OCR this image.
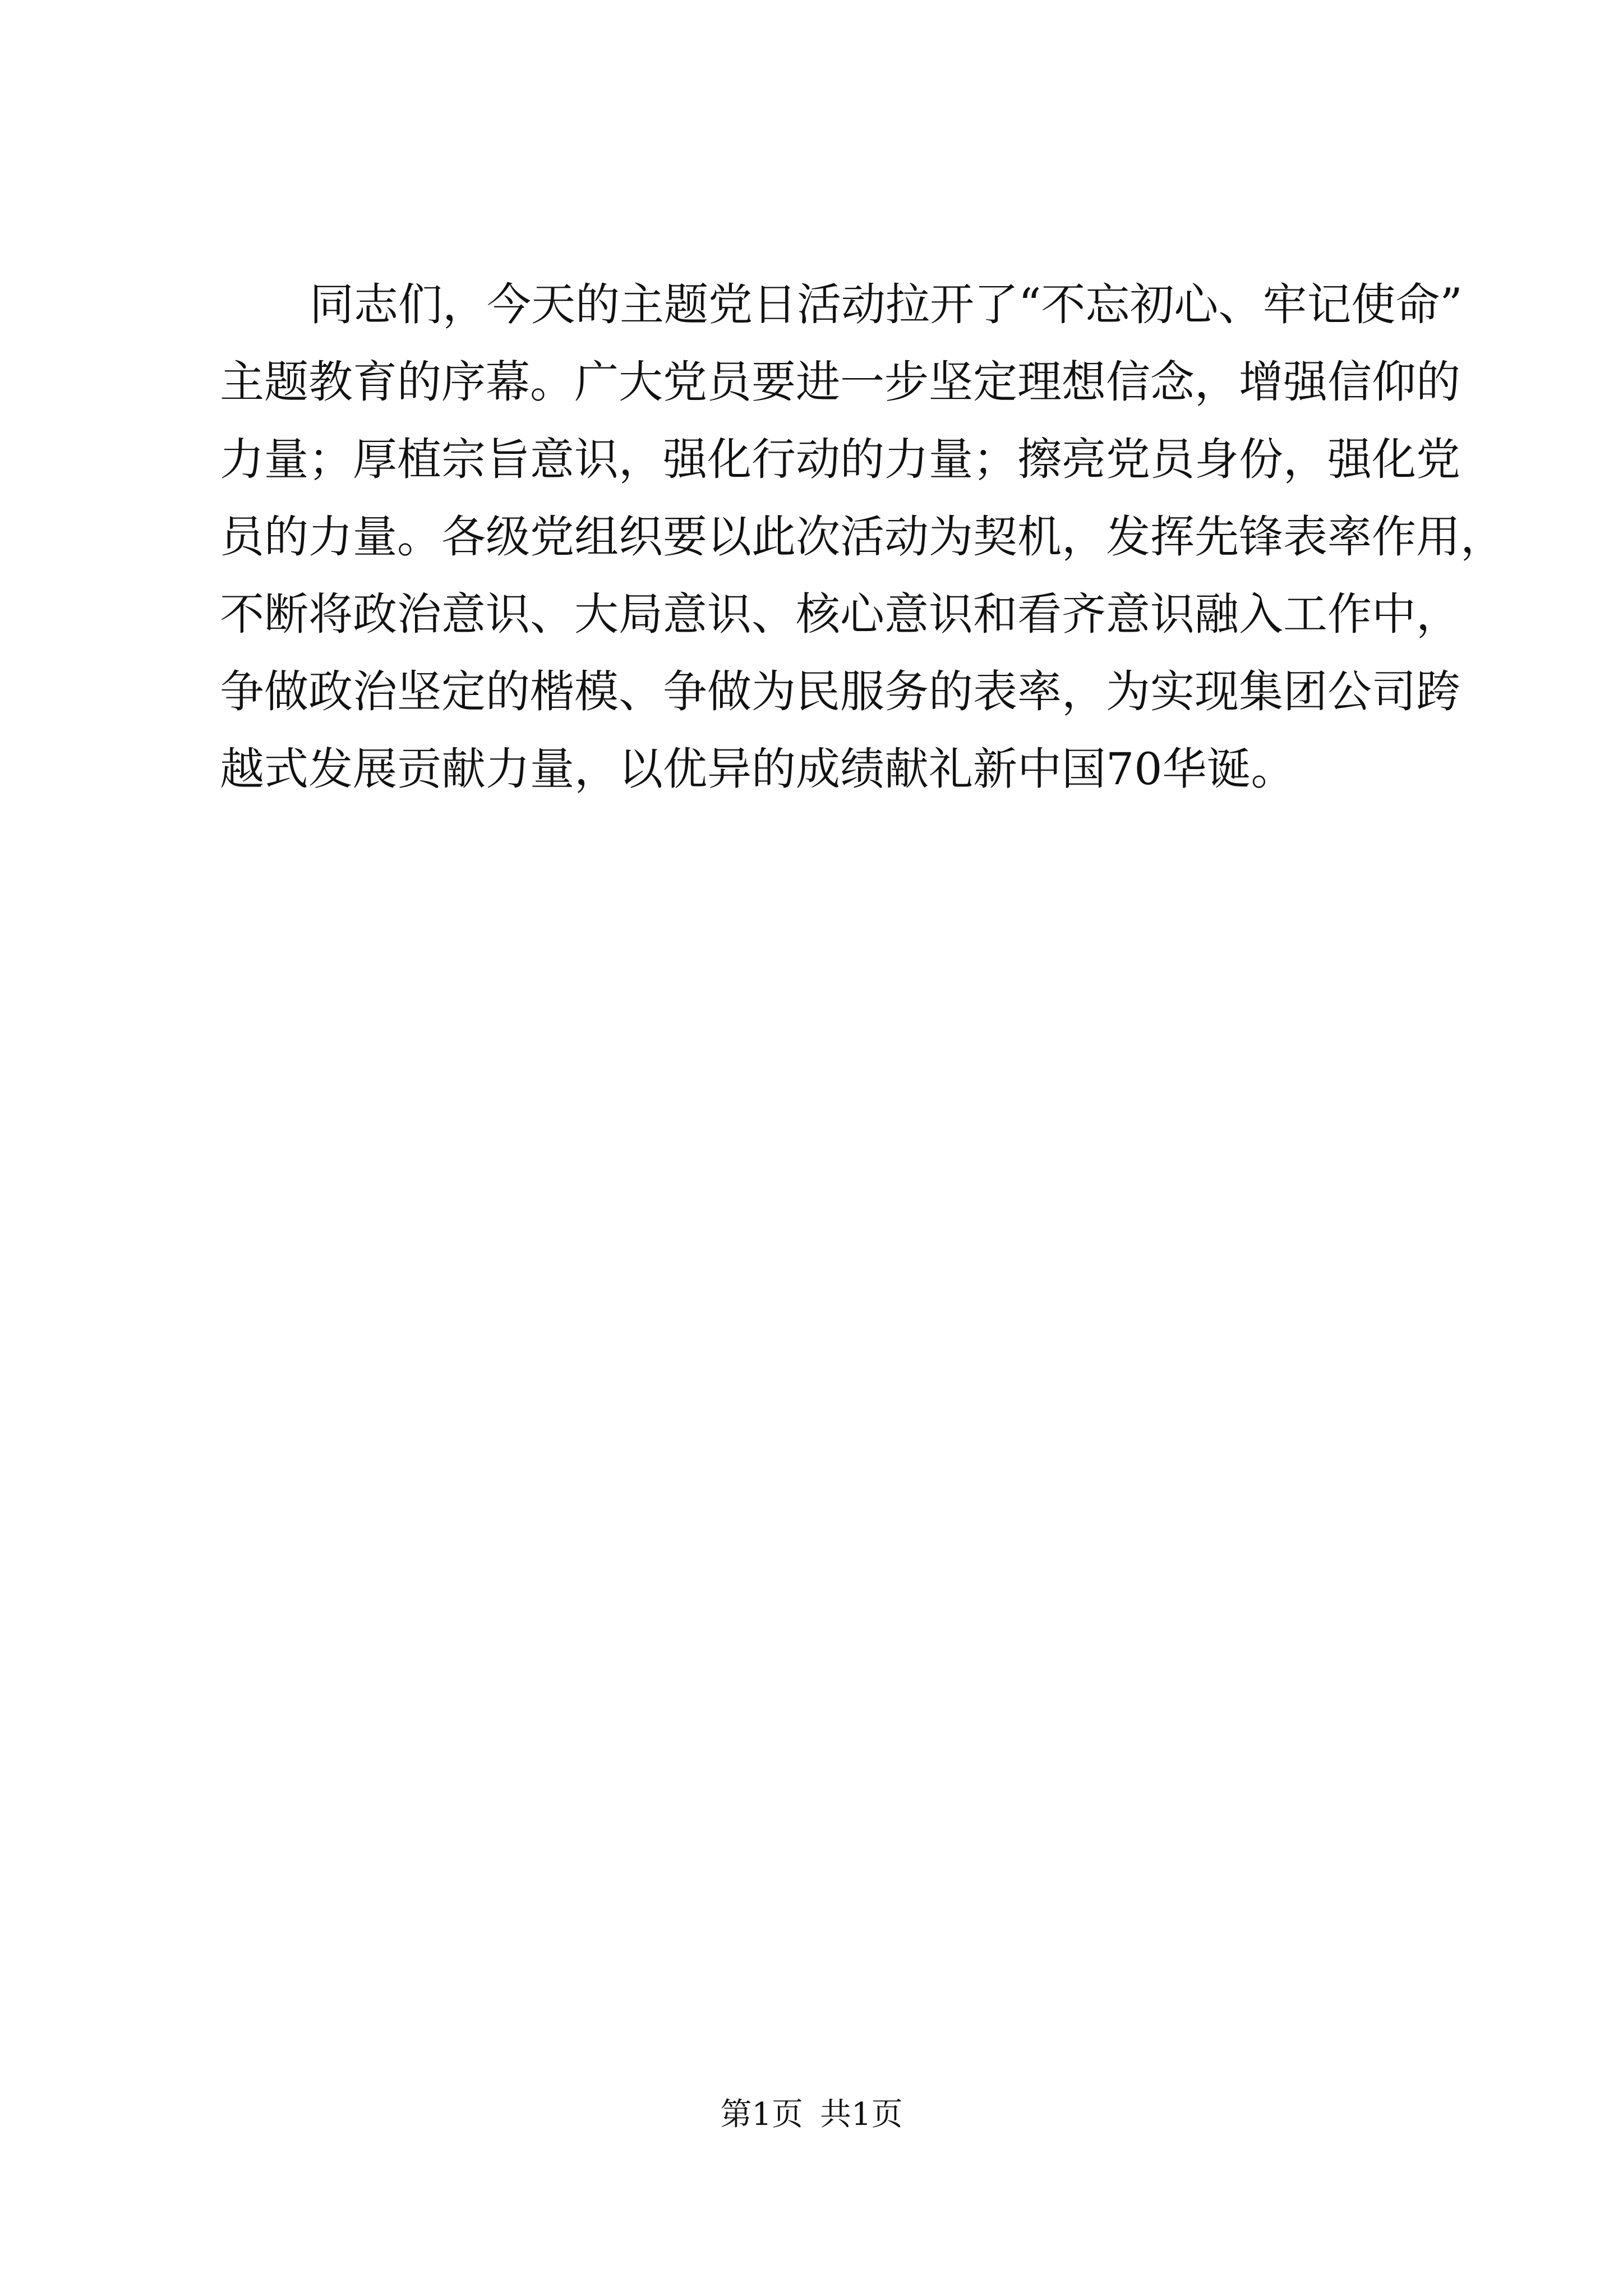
同志们，今天的主题党日活动拉开了“不忘初心、牢记使命”
主题教育的序幕。广大党员要进一步坚定理想信念，增强信仰的
力量；厚植宗旨意识，强化行动的力量；擦亮党员身份，强化党
员的力量。各级党组织要以此次活动为契机，发挥先锋表率作用，
不断将政治意识、大局意识、核心意识和看齐意识融入工作中，
争做政治坚定的楷模、争做为民服务的表率，为实现集团公司跨
越式发展贡献力量，以优异的成绩献礼新中国70华诞。
第1页 共1页
